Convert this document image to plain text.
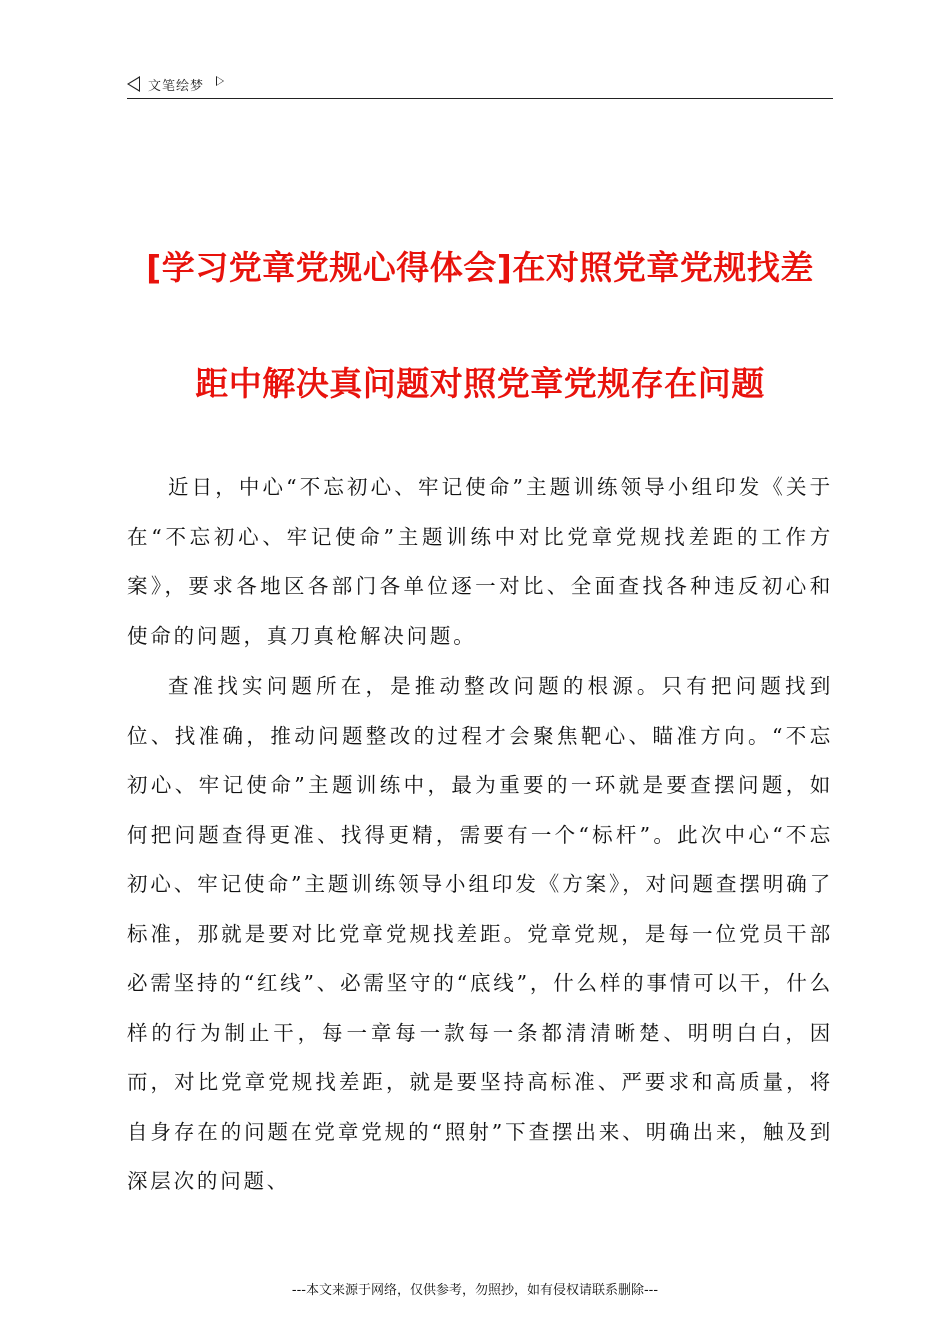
文笔绘梦
[学习党章党规心得体会]在对照党章党规找差
距中解决真问题对照党章党规存在问题

近日，中心“不忘初心、牢记使命”主题训练领导小组印发《关于在“不忘初心、牢记使命”主题训练中对比党章党规找差距的工作方案》，要求各地区各部门各单位逐一对比、全面查找各种违反初心和使命的问题，真刀真枪解决问题。

查准找实问题所在，是推动整改问题的根源。只有把问题找到位、找准确，推动问题整改的过程才会聚焦靶心、瞄准方向。“不忘初心、牢记使命”主题训练中，最为重要的一环就是要查摆问题，如何把问题查得更准、找得更精，需要有一个“标杆”。此次中心“不忘初心、牢记使命”主题训练领导小组印发《方案》，对问题查摆明确了标准，那就是要对比党章党规找差距。党章党规，是每一位党员干部必需坚持的“红线”、必需坚守的“底线”，什么样的事情可以干，什么样的行为制止干，每一章每一款每一条都清清晰楚、明明白白，因而，对比党章党规找差距，就是要坚持高标准、严要求和高质量，将自身存在的问题在党章党规的“照射”下查摆出来、明确出来，触及到深层次的问题、

---本文来源于网络，仅供参考，勿照抄，如有侵权请联系删除---
